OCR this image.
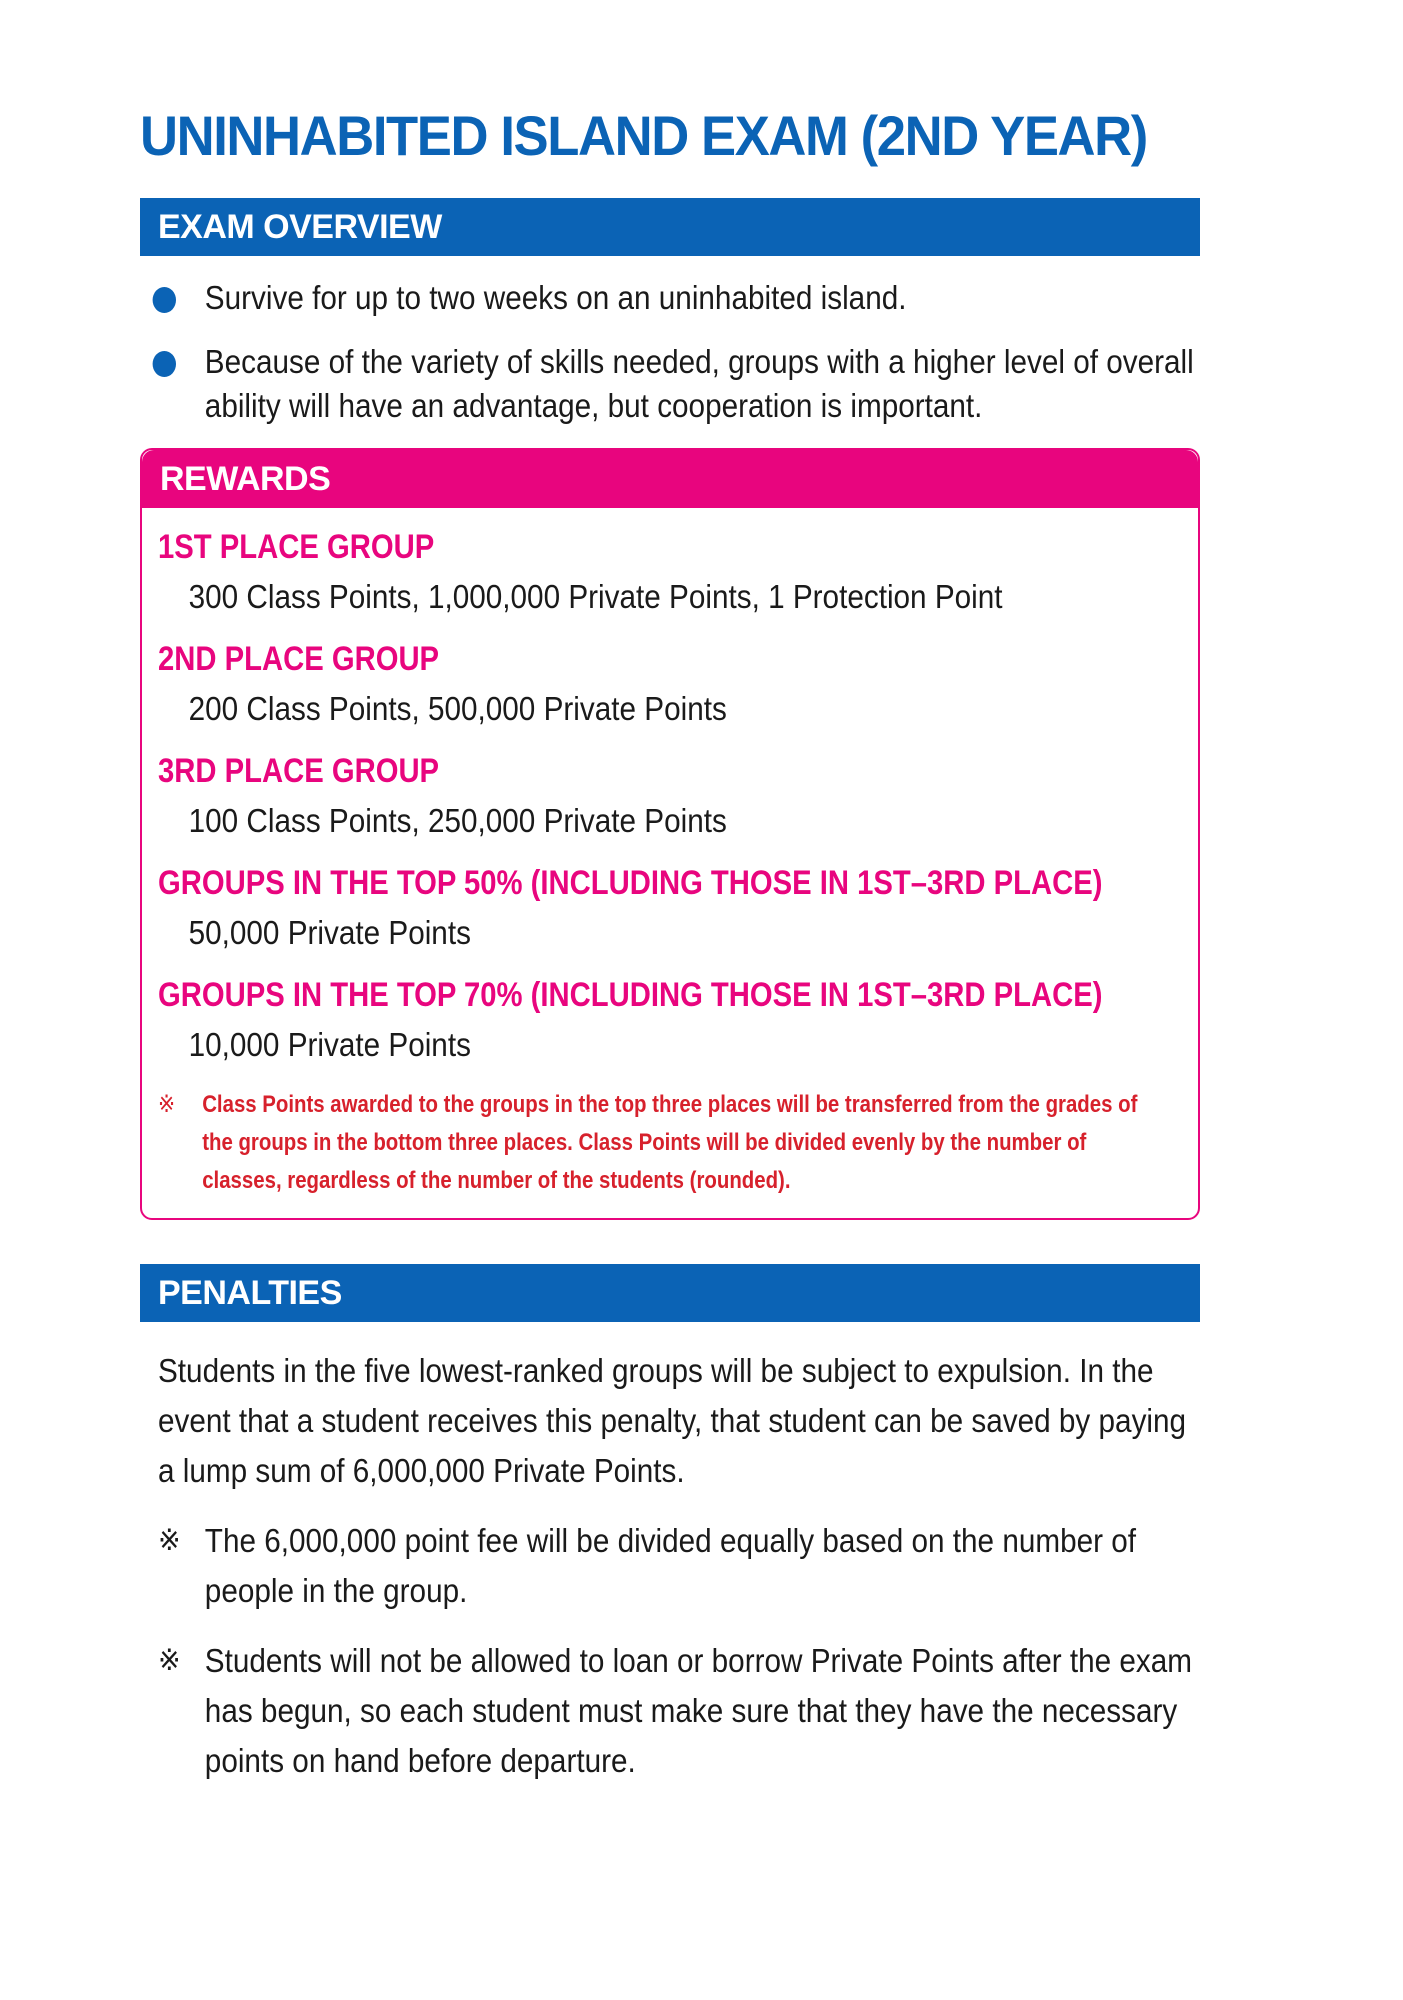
UNINHABITED ISLAND EXAM (2ND YEAR)
EXAM OVERVIEW
Survive for up to two weeks on an uninhabited island.
Because of the variety of skills needed, groups with a higher level of overall ability will have an advantage, but cooperation is important.
REWARDS
1ST PLACE GROUP
300 Class Points, 1,000,000 Private Points, 1 Protection Point
2ND PLACE GROUP
200 Class Points, 500,000 Private Points
3RD PLACE GROUP
100 Class Points, 250,000 Private Points
GROUPS IN THE TOP 50% (INCLUDING THOSE IN 1ST–3RD PLACE)
50,000 Private Points
GROUPS IN THE TOP 70% (INCLUDING THOSE IN 1ST–3RD PLACE)
10,000 Private Points
※ Class Points awarded to the groups in the top three places will be transferred from the grades of the groups in the bottom three places. Class Points will be divided evenly by the number of classes, regardless of the number of the students (rounded).
PENALTIES

Students in the five lowest-ranked groups will be subject to expulsion. In the event that a student receives this penalty, that student can be saved by paying a lump sum of 6,000,000 Private Points.

※ The 6,000,000 point fee will be divided equally based on the number of people in the group.
※ Students will not be allowed to loan or borrow Private Points after the exam has begun, so each student must make sure that they have the necessary points on hand before departure.
